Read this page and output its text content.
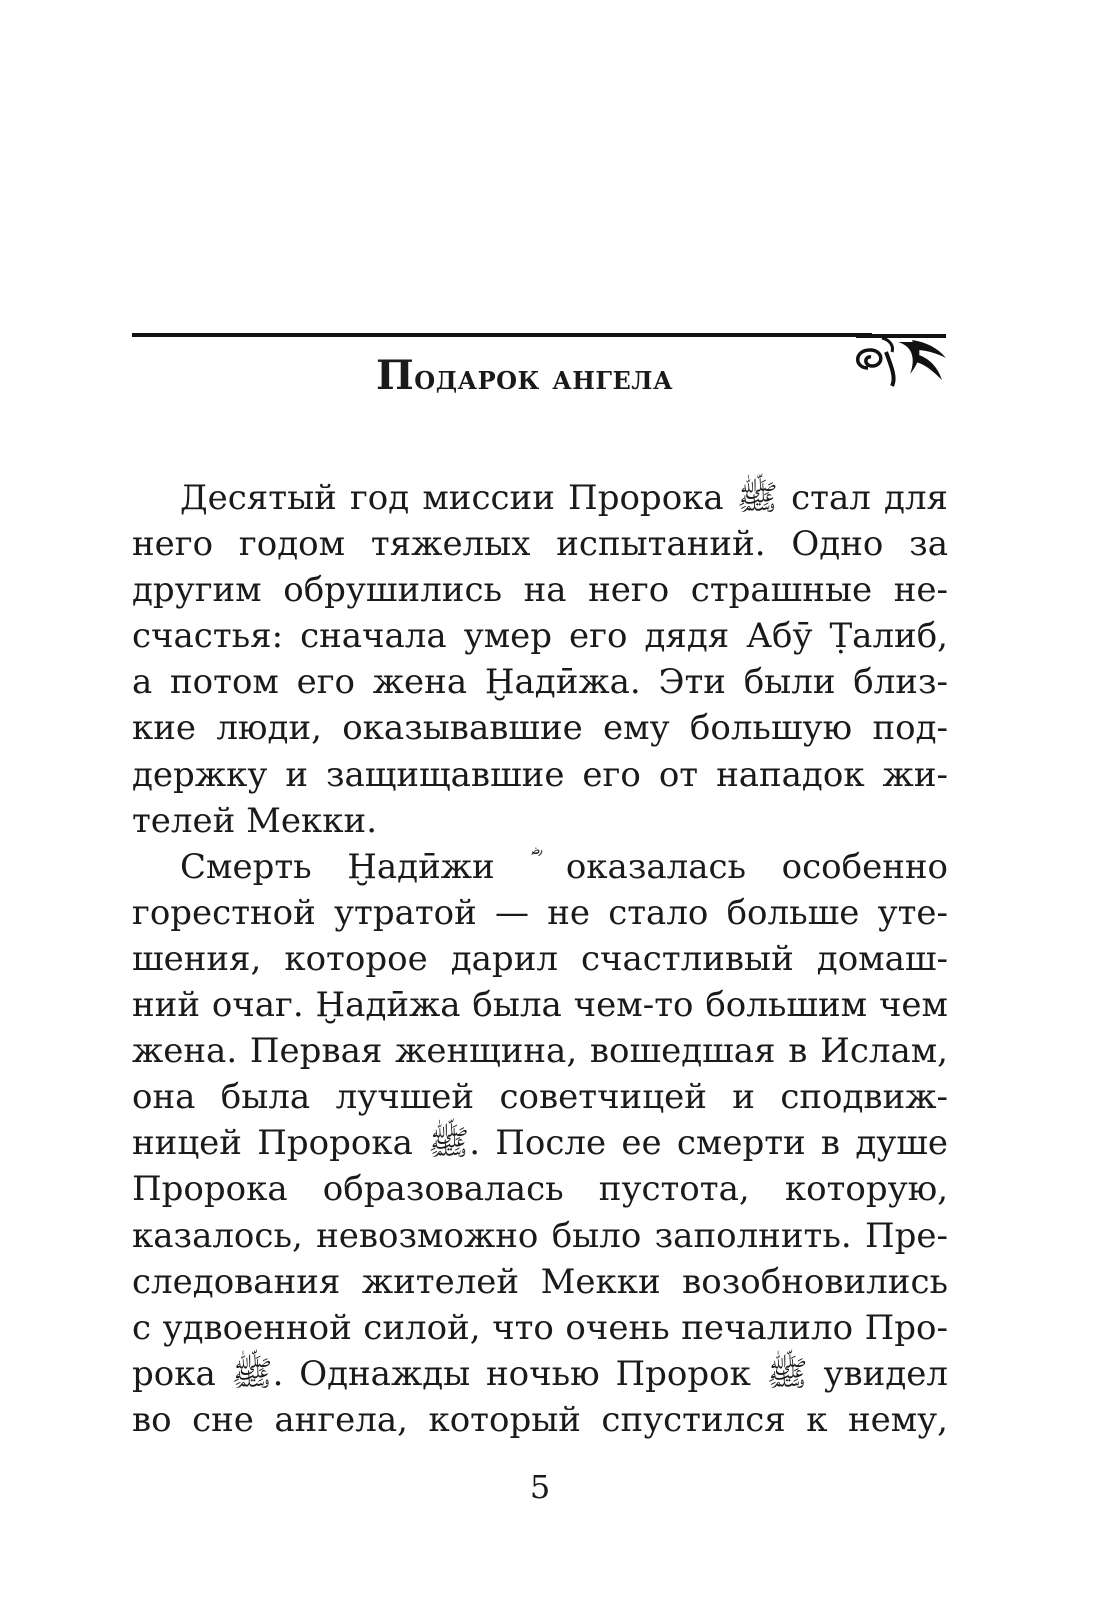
Подарок ангела
Десятый год миссии Пророка ﷺ стал для
него годом тяжелых испытаний. Одно за
другим обрушились на него страшные не-
счастья: сначала умер его дядя Абӯ Ṭалиб,
а потом его жена Ḫадӣжа. Эти были близ-
кие люди, оказывавшие ему большую под-
держку и защищавшие его от нападок жи-
телей Мекки.
Смерть Ḫадӣжи ؓ оказалась особенно
горестной утратой — не стало больше уте-
шения, которое дарил счастливый домаш-
ний очаг. Ḫадӣжа была чем-то большим чем
жена. Первая женщина, вошедшая в Ислам,
она была лучшей советчицей и сподвиж-
ницей Пророка ﷺ. После ее смерти в душе
Пророка образовалась пустота, которую,
казалось, невозможно было заполнить. Пре-
следования жителей Мекки возобновились
с удвоенной силой, что очень печалило Про-
рока ﷺ. Однажды ночью Пророк ﷺ увидел
во сне ангела, который спустился к нему,
5
